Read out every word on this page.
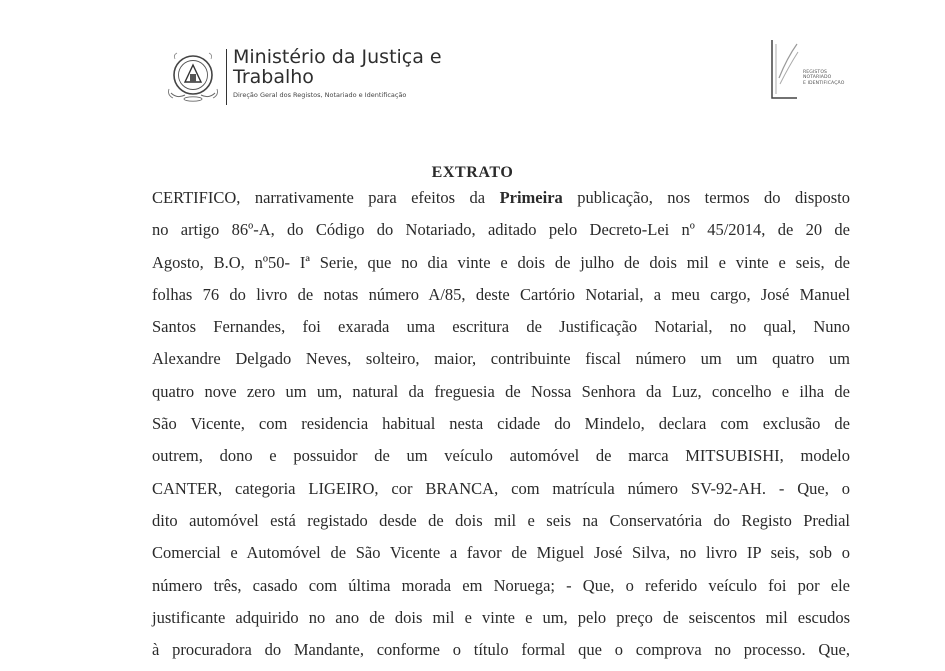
Ministério da Justiça e

Trabalho

Direção Geral dos Registos, Notariado e Identificação
REGISTOS
NOTARIADO
E IDENTIFICAÇÃO
EXTRATO
CERTIFICO, narrativamente para efeitos da Primeira publicação, nos termos do disposto
no artigo 86º-A, do Código do Notariado, aditado pelo Decreto-Lei nº 45/2014, de 20 de
Agosto, B.O, nº50- Iª Serie, que no dia vinte e dois de julho de dois mil e vinte e seis, de
folhas 76 do livro de notas número A/85, deste Cartório Notarial, a meu cargo, José Manuel
Santos Fernandes, foi exarada uma escritura de Justificação Notarial, no qual, Nuno
Alexandre Delgado Neves, solteiro, maior, contribuinte fiscal número um um quatro um
quatro nove zero um um, natural da freguesia de Nossa Senhora da Luz, concelho e ilha de
São Vicente, com residencia habitual nesta cidade do Mindelo, declara com exclusão de
outrem, dono e possuidor de um veículo automóvel de marca MITSUBISHI, modelo
CANTER, categoria LIGEIRO, cor BRANCA, com matrícula número SV-92-AH. - Que, o
dito automóvel está registado desde de dois mil e seis na Conservatória do Registo Predial
Comercial e Automóvel de São Vicente a favor de Miguel José Silva, no livro IP seis, sob o
número três, casado com última morada em Noruega; - Que, o referido veículo foi por ele
justificante adquirido no ano de dois mil e vinte e um, pelo preço de seiscentos mil escudos
à procuradora do Mandante, conforme o título formal que o comprova no processo. Que,
